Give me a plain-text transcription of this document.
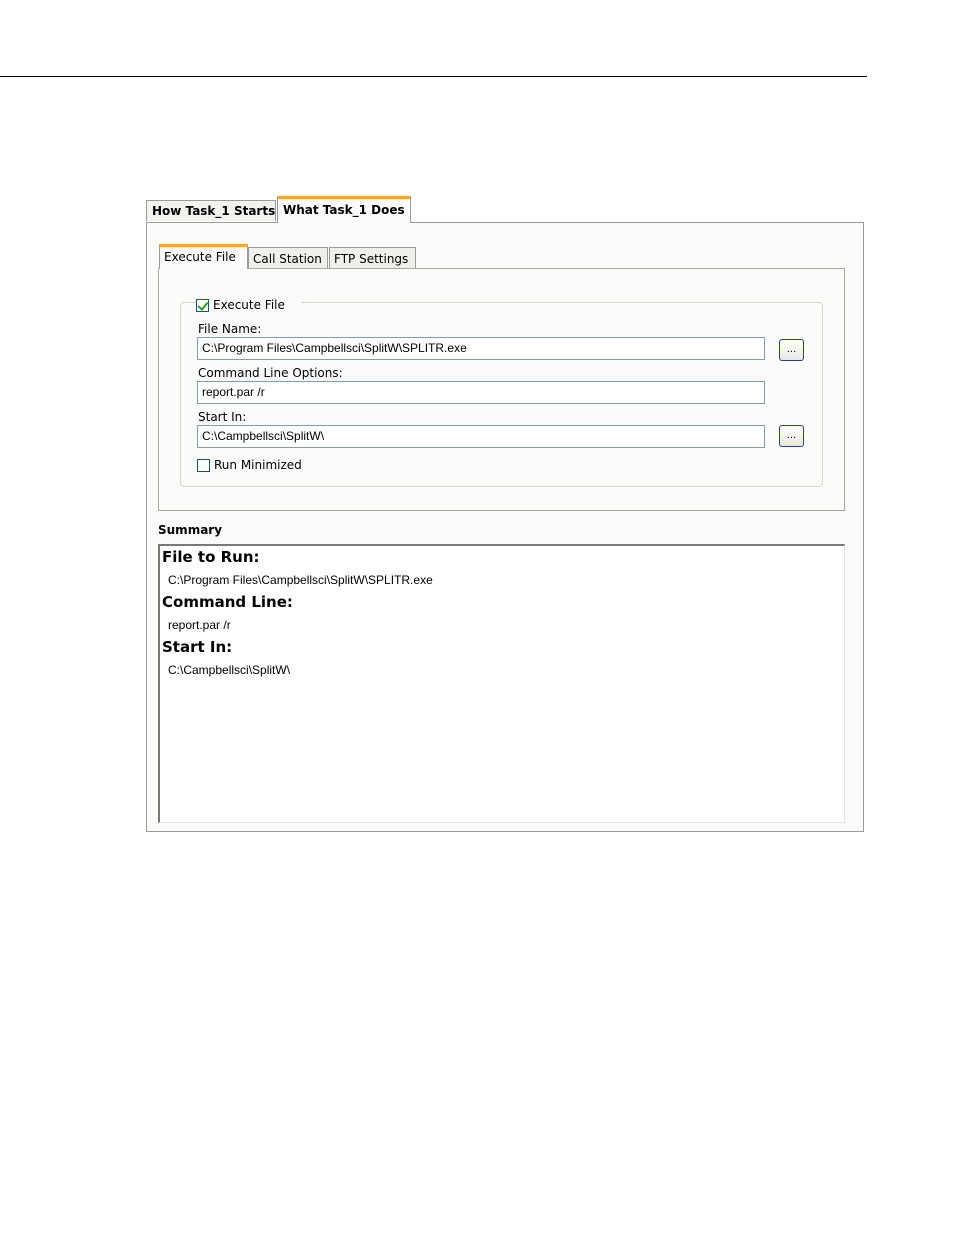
How Task_1 Starts What Task_1 Does
Execute File	Call Station	FTP Settings
Execute File
File Name:
C:\Program Files\Campbellsci\SplitW\SPLITR.exe	...
Command Line Options:
report.par /r
Start In:
C:\Campbellsci\SplitW\	...
Run Minimized
Summary
File to Run:
C:\Program Files\Campbellsci\SplitW\SPLITR.exe
Command Line:
report.par /r
Start In:
C:\Campbellsci\SplitW\
